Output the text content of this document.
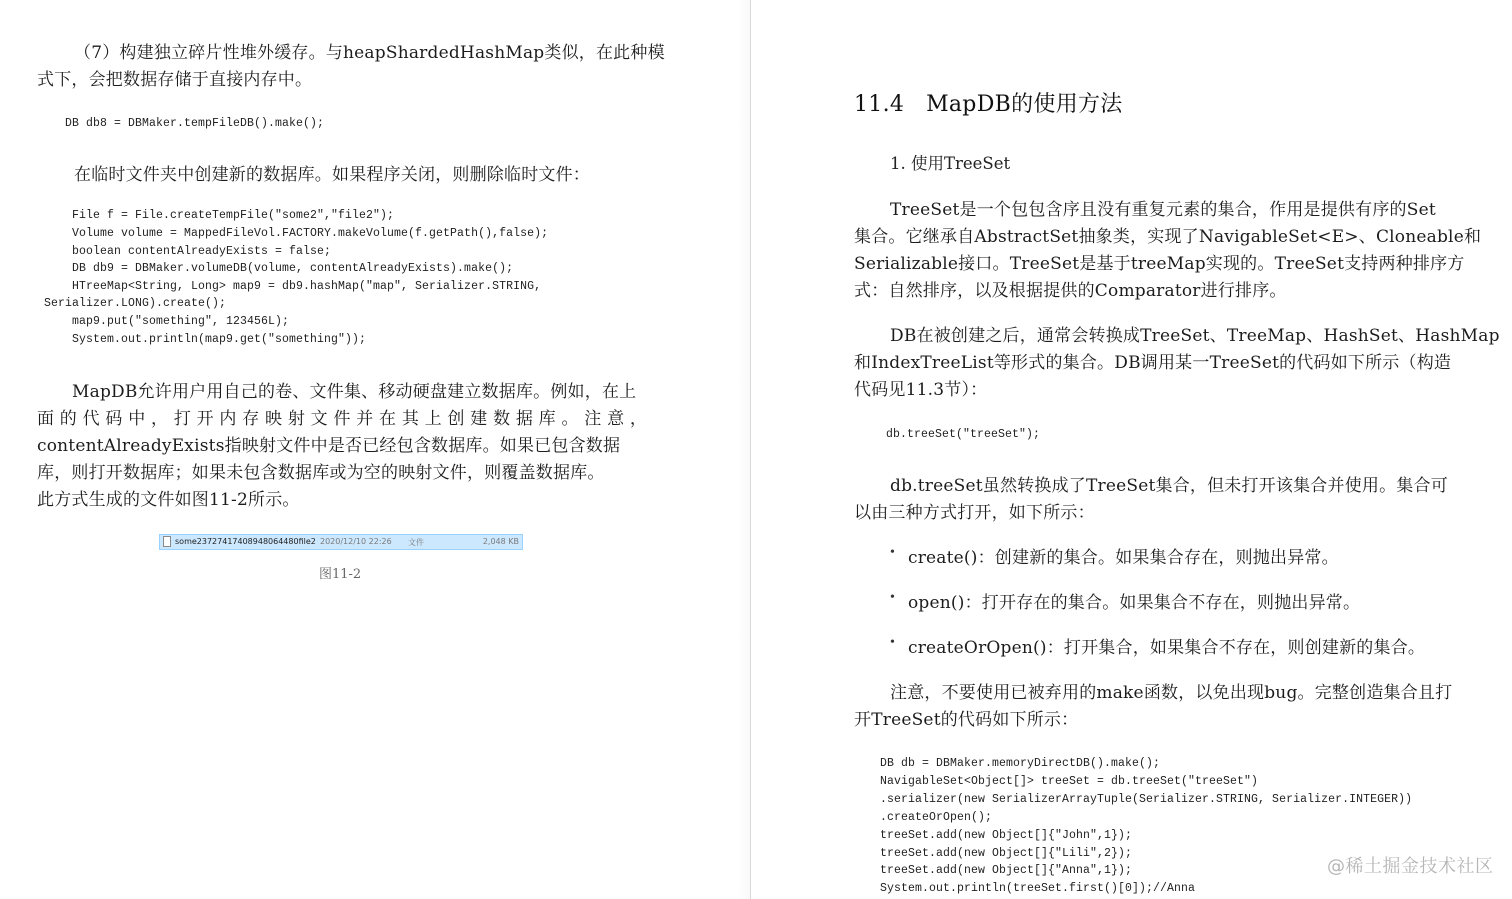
（7）构建独立碎片性堆外缓存。与heapShardedHashMap类似，在此种模
式下，会把数据存储于直接内存中。
DB db8 = DBMaker.tempFileDB().make();
在临时文件夹中创建新的数据库。如果程序关闭，则删除临时文件：
File f = File.createTempFile("some2","file2");
Volume volume = MappedFileVol.FACTORY.makeVolume(f.getPath(),false);
boolean contentAlreadyExists = false;
DB db9 = DBMaker.volumeDB(volume, contentAlreadyExists).make();
HTreeMap<String, Long> map9 = db9.hashMap("map", Serializer.STRING,
Serializer.LONG).create();
map9.put("something", 123456L);
System.out.println(map9.get("something"));
MapDB允许用户用自己的卷、文件集、移动硬盘建立数据库。例如，在上
面 的 代 码 中 ， 打 开 内 存 映 射 文 件 并 在 其 上 创 建 数 据 库 。 注 意 ，
contentAlreadyExists指映射文件中是否已经包含数据库。如果已包含数据
库，则打开数据库；如果未包含数据库或为空的映射文件，则覆盖数据库。
此方式生成的文件如图11-2所示。
some23727417408948064480file2 2020/12/10 22:26 文件	2,048 KB
图11-2
11.4   MapDB的使用方法
1. 使用TreeSet
TreeSet是一个包包含序且没有重复元素的集合，作用是提供有序的Set
集合。它继承自AbstractSet抽象类，实现了NavigableSet<E>、Cloneable和
Serializable接口。TreeSet是基于treeMap实现的。TreeSet支持两种排序方
式：自然排序，以及根据提供的Comparator进行排序。
DB在被创建之后，通常会转换成TreeSet、TreeMap、HashSet、HashMap
和IndexTreeList等形式的集合。DB调用某一TreeSet的代码如下所示（构造
代码见11.3节）：
db.treeSet("treeSet");
db.treeSet虽然转换成了TreeSet集合，但未打开该集合并使用。集合可
以由三种方式打开，如下所示：
• create()：创建新的集合。如果集合存在，则抛出异常。
• open()：打开存在的集合。如果集合不存在，则抛出异常。
• createOrOpen()：打开集合，如果集合不存在，则创建新的集合。
注意，不要使用已被弃用的make函数，以免出现bug。完整创造集合且打
开TreeSet的代码如下所示：
DB db = DBMaker.memoryDirectDB().make();
NavigableSet<Object[]> treeSet = db.treeSet("treeSet")
.serializer(new SerializerArrayTuple(Serializer.STRING, Serializer.INTEGER))
.createOrOpen();
treeSet.add(new Object[]{"John",1});
treeSet.add(new Object[]{"Lili",2});
treeSet.add(new Object[]{"Anna",1});
System.out.println(treeSet.first()[0]);//Anna
@稀土掘金技术社区
